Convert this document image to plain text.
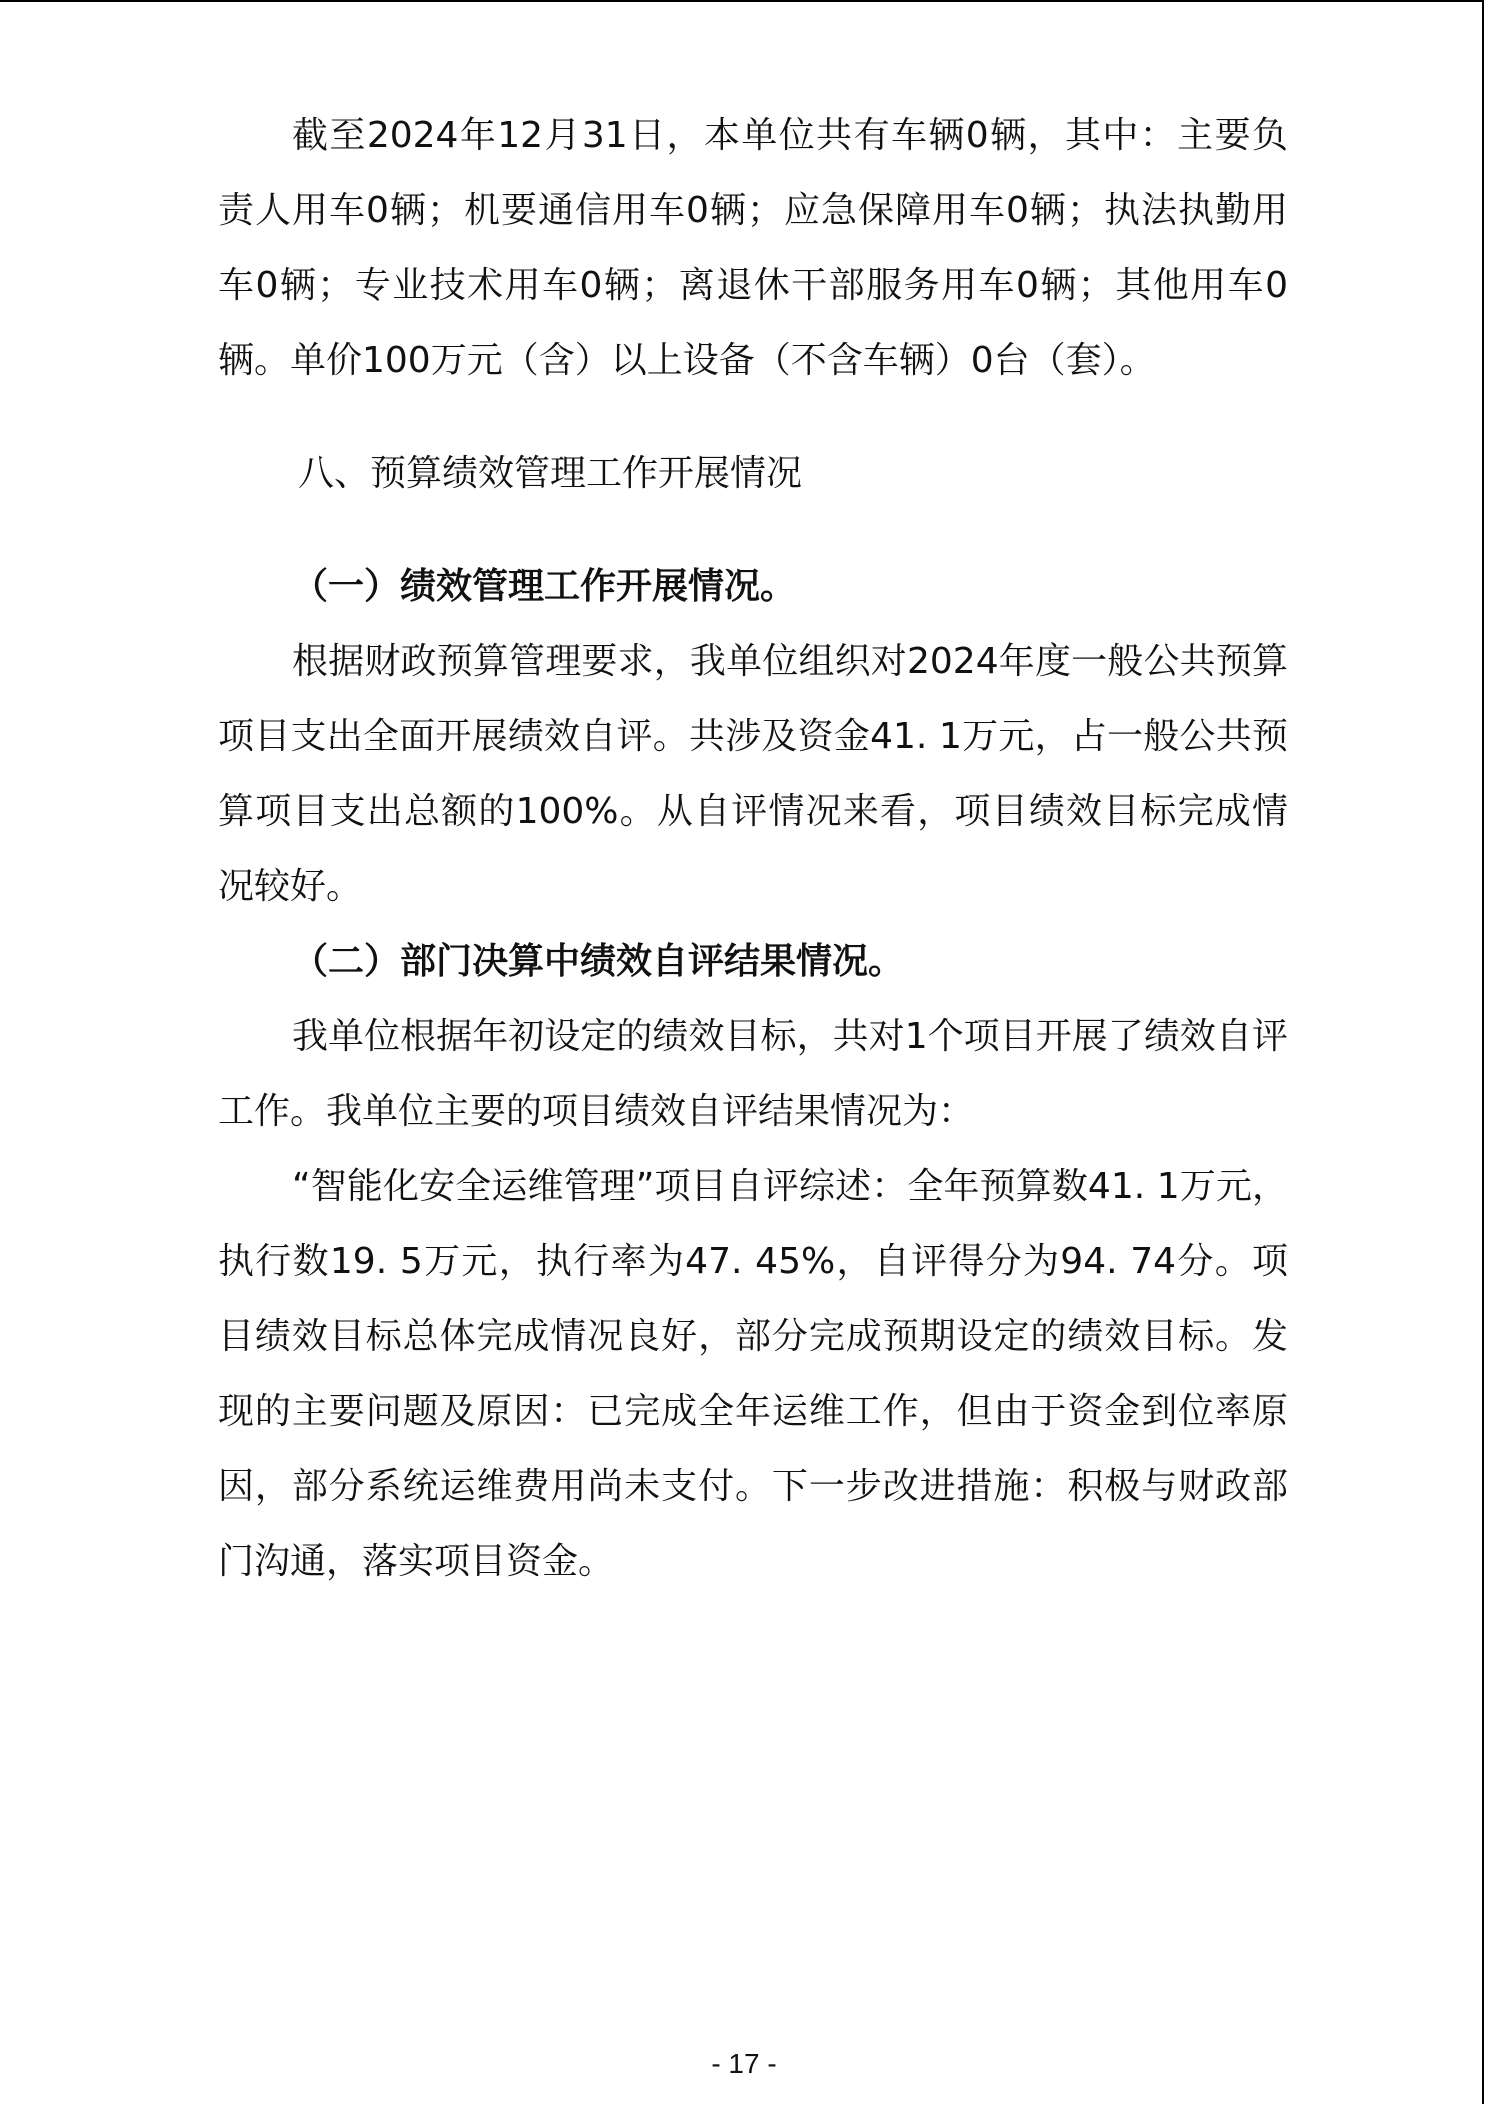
截至2024年12月31日，本单位共有车辆0辆，其中：主要负责人用车0辆；机要通信用车0辆；应急保障用车0辆；执法执勤用车0辆；专业技术用车0辆；离退休干部服务用车0辆；其他用车0辆。单价100万元（含）以上设备（不含车辆）0台（套）。

八、预算绩效管理工作开展情况

（一）绩效管理工作开展情况。

根据财政预算管理要求，我单位组织对2024年度一般公共预算项目支出全面开展绩效自评。共涉及资金41. 1万元，占一般公共预算项目支出总额的100%。从自评情况来看，项目绩效目标完成情况较好。

（二）部门决算中绩效自评结果情况。

我单位根据年初设定的绩效目标，共对1个项目开展了绩效自评工作。我单位主要的项目绩效自评结果情况为：

“智能化安全运维管理”项目自评综述：全年预算数41. 1万元，执行数19. 5万元，执行率为47. 45%，自评得分为94. 74分。项目绩效目标总体完成情况良好，部分完成预期设定的绩效目标。发现的主要问题及原因：已完成全年运维工作，但由于资金到位率原因，部分系统运维费用尚未支付。下一步改进措施：积极与财政部门沟通，落实项目资金。

- 17 -
